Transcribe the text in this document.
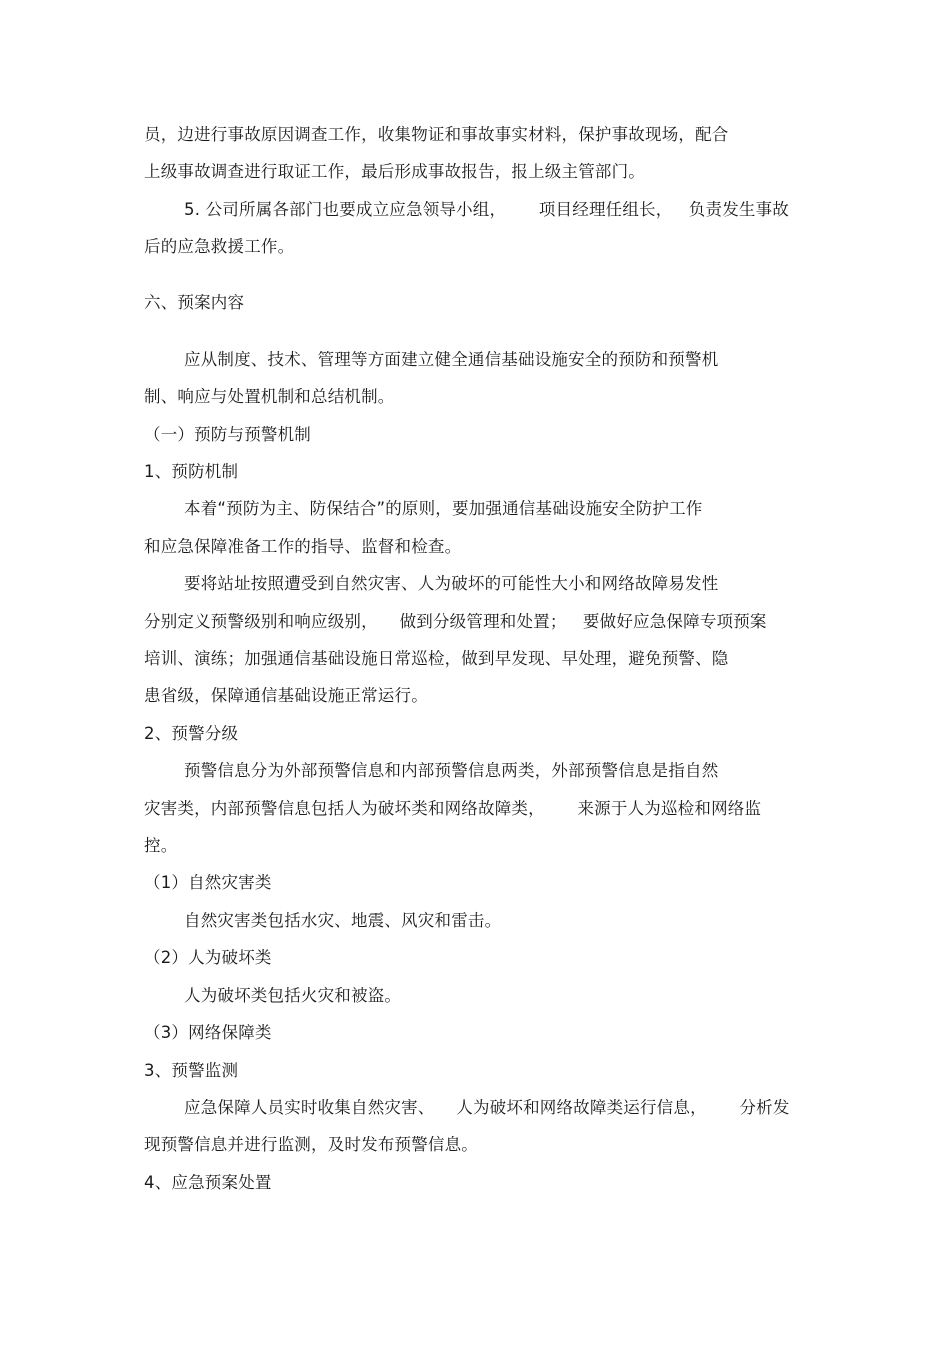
员，边进行事故原因调查工作，收集物证和事故事实材料，保护事故现场，配合
上级事故调查进行取证工作，最后形成事故报告，报上级主管部门。
5. 公司所属各部门也要成立应急领导小组，      项目经理任组长，   负责发生事故
后的应急救援工作。
六、预案内容
应从制度、技术、管理等方面建立健全通信基础设施安全的预防和预警机
制、响应与处置机制和总结机制。
（一）预防与预警机制
1、预防机制
本着“预防为主、防保结合”的原则，要加强通信基础设施安全防护工作
和应急保障准备工作的指导、监督和检查。
要将站址按照遭受到自然灾害、人为破坏的可能性大小和网络故障易发性
分别定义预警级别和响应级别，    做到分级管理和处置；   要做好应急保障专项预案
培训、演练；加强通信基础设施日常巡检，做到早发现、早处理，避免预警、隐
患省级，保障通信基础设施正常运行。
2、预警分级
预警信息分为外部预警信息和内部预警信息两类，外部预警信息是指自然
灾害类，内部预警信息包括人为破坏类和网络故障类，      来源于人为巡检和网络监
控。
（1）自然灾害类
自然灾害类包括水灾、地震、风灾和雷击。
（2）人为破坏类
人为破坏类包括火灾和被盗。
（3）网络保障类
3、预警监测
应急保障人员实时收集自然灾害、    人为破坏和网络故障类运行信息，      分析发
现预警信息并进行监测，及时发布预警信息。
4、应急预案处置
